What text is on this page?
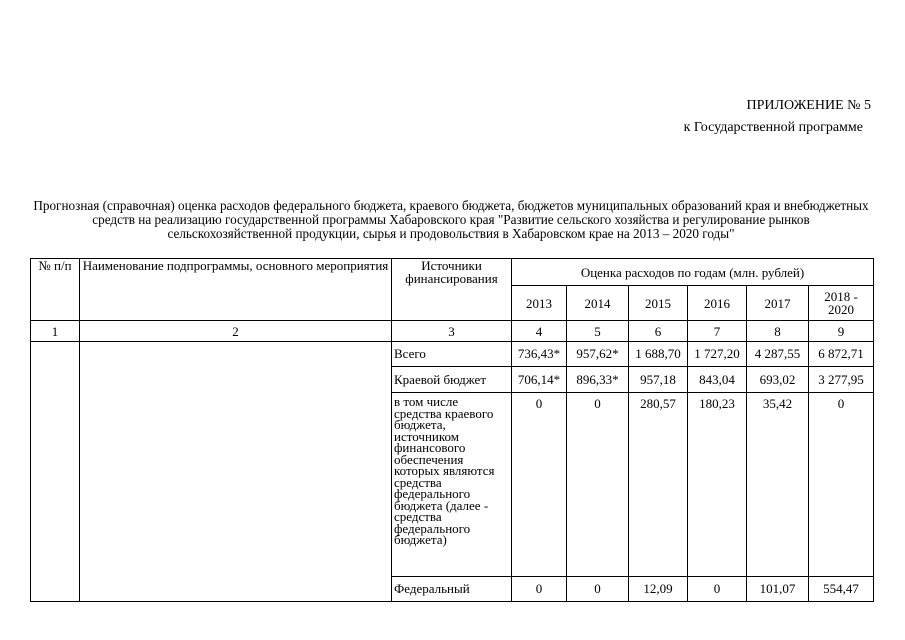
ПРИЛОЖЕНИЕ № 5
к Государственной программе
Прогнозная (справочная) оценка расходов федерального бюджета, краевого бюджета, бюджетов муниципальных образований края и внебюджетных средств на реализацию государственной программы Хабаровского края "Развитие сельского хозяйства и регулирование рынков сельскохозяйственной продукции, сырья и продовольствия в Хабаровском крае на 2013 – 2020 годы"
№ п/п	Наименование подпрограммы, основного мероприятия	Источники финансирования	Оценка расходов по годам (млн. рублей)					
			2013	2014	2015	2016	2017	2018 - 2020
1	2	3	4	5	6	7	8	9
		Всего	736,43*	957,62*	1 688,70	1 727,20	4 287,55	6 872,71
		Краевой бюджет	706,14*	896,33*	957,18	843,04	693,02	3 277,95
		в том числе средства краевого бюджета, источником финансового обеспечения которых являются средства федерального бюджета (далее - средства федерального бюджета)	0	0	280,57	180,23	35,42	0
		Федеральный	0	0	12,09	0	101,07	554,47
